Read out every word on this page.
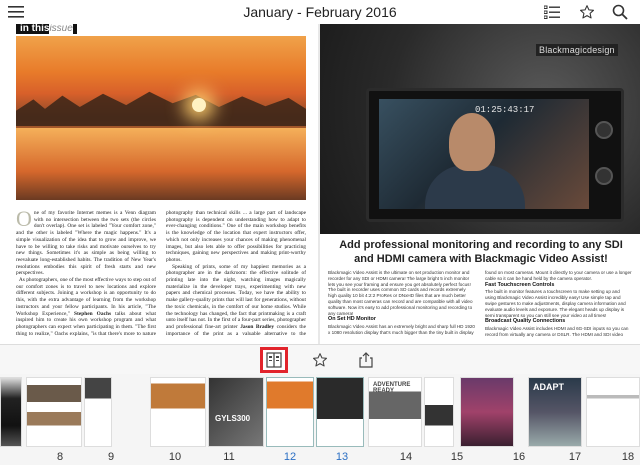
January - February 2016
in thisissue
One of my favorite Internet memes is a Venn diagram with no intersection between the two sets (the circles don't overlap). One set is labeled "Your comfort zone," and the other is labeled "Where the magic happens." It's a simple visualization of the idea that to grow and improve, we have to be willing to take risks and motivate ourselves to try new things. Sometimes it's as simple as being willing to reevaluate long-established habits. The tradition of New Year's resolutions embodies this spirit of fresh starts and new perspectives.
As photographers, one of the most effective ways to step out of our comfort zones is to travel to new locations and explore different subjects. Joining a workshop is an opportunity to do this, with the extra advantage of learning from the workshop instructors and your fellow participants. In his article, "The Workshop Experience," Stephen Oachs talks about what inspired him to create his own workshop program and what photographers can expect when participating in them. "The first thing to realize," Oachs explains, "is that there's more to nature photography than technical skills ... a large part of landscape photography is dependent on understanding how to adapt to ever-changing conditions." One of the main workshop benefits is the knowledge of the location that expert instructors offer, which not only increases your chances of making phenomenal images, but also lets able to offer possibilities for practicing techniques, gaining new perspectives and making print-worthy photos.
Speaking of prints, some of my happiest memories as a photographer are in the darkroom: the effective solitude of printing late into the night, watching images magically materialize in the developer trays, experimenting with new papers and chemical processes. Today, we have the ability to make gallery-quality prints that will last for generations, without the toxic chemicals, in the comfort of our home studios. While the technology has changed, the fact that printmaking is a craft unto itself has not. In the first of a four-part series, photographer and professional fine-art printer Jason Bradley considers the importance of the print as a valuable alternative to the

Blackmagicdesign
01:25:43:17
Add professional monitoring and recording to any SDI and HDMI camera with Blackmagic Video Assist!

Blackmagic Video Assist is the ultimate on set production monitor and recorder for any SDI or HDMI camera! The large bright 5 inch monitor lets you see your framing and ensure you get absolutely perfect focus! The built in recorder uses common SD cards and records extremely high quality 10 bit 4:2:2 ProRes or DNxHD files that are much better quality than most cameras can record and are compatible with all video software. Now it's easy to add professional monitoring and recording to any camera!

On Set HD Monitor

Blackmagic Video Assist has an extremely bright and sharp full HD 1920 x 1080 resolution display that's much bigger than the tiny built in display found on most cameras. Mount it directly to your camera or use a longer cable so it can be hand held by the camera operator.

Fast Touchscreen Controls

The built in monitor features a touchscreen to make setting up and using Blackmagic Video Assist incredibly easy! Use simple tap and swipe gestures to make adjustments, display camera information and evaluate audio levels and exposure. The elegant heads up display is semi transparent so you can still see your video at all times!

Broadcast Quality Connections

Blackmagic Video Assist includes HDMI and 6G-SDI inputs so you can record from virtually any camera or DSLR. The HDMI and SDI video

GYLS300
ADVENTURE READY	ADAPT
8	9	10	11	12	13	14	15	16	17	18
